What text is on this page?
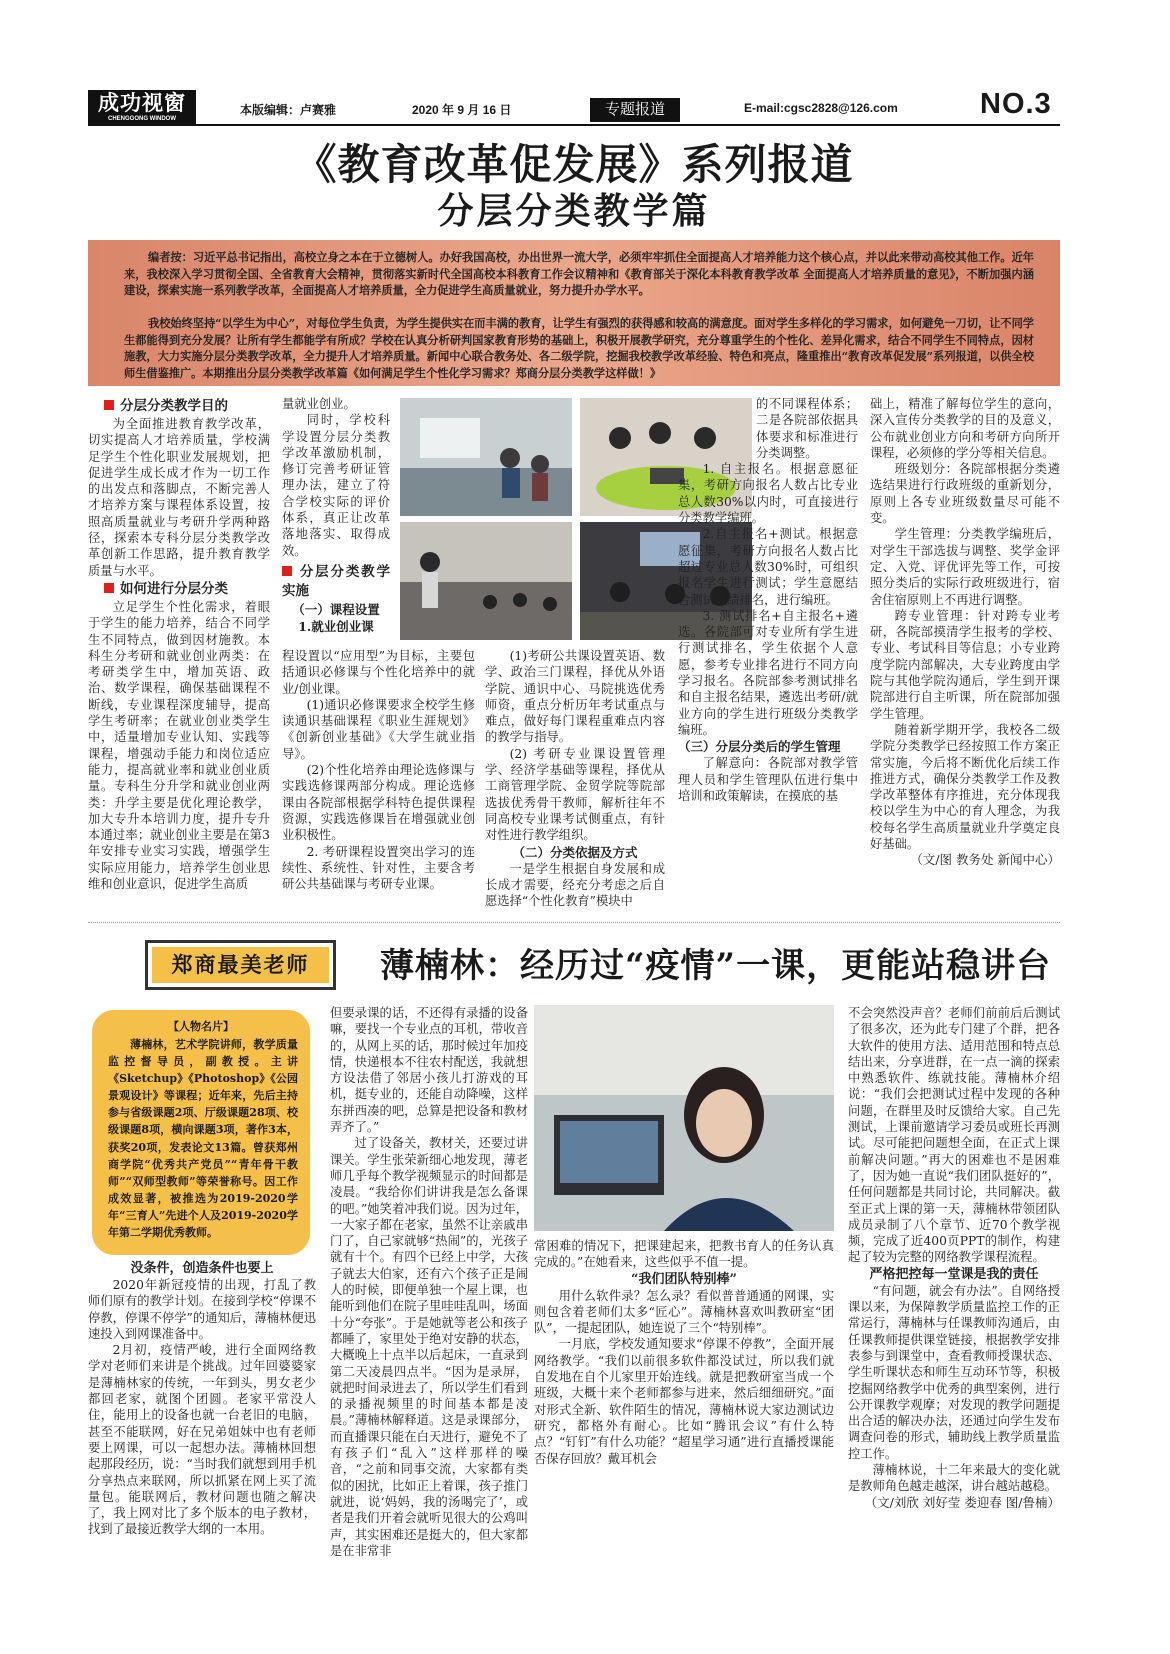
成功视窗
CHENGGONG WINDOW
本版编辑：卢赛雅	2020 年 9 月 16 日	专题报道	E-mail:cgsc2828@126.com	NO.3
《教育改革促发展》系列报道
分层分类教学篇

编者按：习近平总书记指出，高校立身之本在于立德树人。办好我国高校，办出世界一流大学，必须牢牢抓住全面提高人才培养能力这个核心点，并以此来带动高校其他工作。近年来，我校深入学习贯彻全国、全省教育大会精神，贯彻落实新时代全国高校本科教育工作会议精神和《教育部关于深化本科教育教学改革 全面提高人才培养质量的意见》，不断加强内涵建设，探索实施一系列教学改革，全面提高人才培养质量，全力促进学生高质量就业，努力提升办学水平。

我校始终坚持“以学生为中心”，对每位学生负责，为学生提供实在而丰满的教育，让学生有强烈的获得感和较高的满意度。面对学生多样化的学习需求，如何避免一刀切，让不同学生都能得到充分发展？让所有学生都能学有所成？学校在认真分析研判国家教育形势的基础上，积极开展教学研究，充分尊重学生的个性化、差异化需求，结合不同学生不同特点，因材施教，大力实施分层分类教学改革，全力提升人才培养质量。新闻中心联合教务处、各二级学院，挖掘我校教学改革经验、特色和亮点，隆重推出“教育改革促发展”系列报道，以供全校师生借鉴推广。本期推出分层分类教学改革篇《如何满足学生个性化学习需求？郑商分层分类教学这样做！》

分层分类教学目的

为全面推进教育教学改革，切实提高人才培养质量，学校满足学生个性化职业发展规划，把促进学生成长成才作为一切工作的出发点和落脚点，不断完善人才培养方案与课程体系设置，按照高质量就业与考研升学两种路径，探索本专科分层分类教学改革创新工作思路，提升教育教学质量与水平。

如何进行分层分类

立足学生个性化需求，着眼于学生的能力培养，结合不同学生不同特点，做到因材施教。本科生分考研和就业创业两类：在考研类学生中，增加英语、政治、数学课程，确保基础课程不断线，专业课程深度辅导，提高学生考研率；在就业创业类学生中，适量增加专业认知、实践等课程，增强动手能力和岗位适应能力，提高就业率和就业创业质量。专科生分升学和就业创业两类：升学主要是优化理论教学，加大专升本培训力度，提升专升本通过率；就业创业主要是在第3年安排专业实习实践，增强学生实际应用能力，培养学生创业思维和创业意识，促进学生高质

量就业创业。

同时，学校科学设置分层分类教学改革激励机制，修订完善考研证管理办法，建立了符合学校实际的评价体系，真正让改革落地落实、取得成效。

分层分类教学实施
（一）课程设置
1.就业创业课

程设置以“应用型”为目标，主要包括通识必修课与个性化培养中的就业/创业课。

(1)通识必修课要求全校学生修读通识基础课程《职业生涯规划》《创新创业基础》《大学生就业指导》。

(2)个性化培养由理论选修课与实践选修课两部分构成。理论选修课由各院部根据学科特色提供课程资源，实践选修课旨在增强就业创业积极性。

2. 考研课程设置突出学习的连续性、系统性、针对性，主要含考研公共基础课与考研专业课。

(1)考研公共课设置英语、数学、政治三门课程，择优从外语学院、通识中心、马院挑选优秀师资，重点分析历年考试重点与难点，做好每门课程重难点内容的教学与指导。

(2) 考研专业课设置管理学、经济学基础等课程，择优从工商管理学院、金贸学院等院部选拔优秀骨干教师，解析往年不同高校专业课考试侧重点，有针对性进行教学组织。

（二）分类依据及方式

一是学生根据自身发展和成长成才需要，经充分考虑之后自愿选择“个性化教育”模块中

的不同课程体系；二是各院部依据具体要求和标准进行分类调整。

1. 自主报名。根据意愿征集，考研方向报名人数占比专业总人数30%以内时，可直接进行分类教学编班。

2.自主报名+测试。根据意愿征集，考研方向报名人数占比超过专业总人数30%时，可组织报名学生进行测试；学生意愿结合测试成绩排名，进行编班。

3. 测试排名+自主报名+遴选。各院部可对专业所有学生进行测试排名，学生依据个人意愿，参考专业排名进行不同方向学习报名。各院部参考测试排名和自主报名结果，遴选出考研/就业方向的学生进行班级分类教学编班。

（三）分层分类后的学生管理

了解意向：各院部对教学管理人员和学生管理队伍进行集中培训和政策解读，在摸底的基

础上，精准了解每位学生的意向，深入宣传分类教学的目的及意义，公布就业创业方向和考研方向所开课程，必须修的学分等相关信息。

班级划分：各院部根据分类遴选结果进行行政班级的重新划分，原则上各专业班级数量尽可能不变。

学生管理：分类教学编班后，对学生干部选拔与调整、奖学金评定、入党、评优评先等工作，可按照分类后的实际行政班级进行，宿舍住宿原则上不再进行调整。

跨专业管理：针对跨专业考研，各院部摸清学生报考的学校、专业、考试科目等信息；小专业跨度学院内部解决，大专业跨度由学院与其他学院沟通后，学生到开课院部进行自主听课，所在院部加强学生管理。

随着新学期开学，我校各二级学院分类教学已经按照工作方案正常实施，今后将不断优化后续工作推进方式，确保分类教学工作及教学改革整体有序推进，充分体现我校以学生为中心的育人理念，为我校每名学生高质量就业升学奠定良好基础。

（文/图 教务处 新闻中心）
郑商最美老师	薄楠林：经历过“疫情”一课，更能站稳讲台
【人物名片】

薄楠林，艺术学院讲师，教学质量监控督导员，副教授。主讲《Sketchup》《Photoshop》《公园景观设计》等课程；近年来，先后主持参与省级课题2项、厅级课题28项、校级课题8项，横向课题3项，著作3本，获奖20项，发表论文13篇。曾获郑州商学院“优秀共产党员”“青年骨干教师”“双师型教师”等荣誉称号。因工作成效显著，被推选为2019-2020学年“三育人”先进个人及2019-2020学年第二学期优秀教师。

没条件，创造条件也要上

2020年新冠疫情的出现，打乱了教师们原有的教学计划。在接到学校“停课不停教，停课不停学”的通知后，薄楠林便迅速投入到网课准备中。

2月初，疫情严峻，进行全面网络教学对老师们来讲是个挑战。过年回婆婆家是薄楠林家的传统，一年到头，男女老少都回老家，就图个团圆。老家平常没人住，能用上的设备也就一台老旧的电脑，甚至不能联网，好在兄弟姐妹中也有老师要上网课，可以一起想办法。薄楠林回想起那段经历，说：“当时我们就想到用手机分享热点来联网，所以抓紧在网上买了流量包。能联网后，教材问题也随之解决了，我上网对比了多个版本的电子教材，找到了最接近教学大纲的一本用。

但要录课的话，不还得有录播的设备嘛，要找一个专业点的耳机，带收音的，从网上买的话，那时候过年加疫情，快递根本不往农村配送，我就想方设法借了邻居小孩儿打游戏的耳机，挺专业的，还能自动降噪，这样东拼西凑的吧，总算是把设备和教材弄齐了。”

过了设备关，教材关，还要过讲课关。学生张荣新细心地发现，薄老师几乎每个教学视频显示的时间都是凌晨。“我给你们讲讲我是怎么备课的吧。”她笑着冲我们说。因为过年，一大家子都在老家，虽然不让亲戚串门了，自己家就够“热闹”的，光孩子就有十个。有四个已经上中学，大孩子就去大伯家，还有六个孩子正是闹人的时候，即便单独一个屋上课，也能听到他们在院子里哇哇乱叫，场面十分“夸张”。于是她就等老公和孩子都睡了，家里处于绝对安静的状态，大概晚上十点半以后起床，一直录到第二天凌晨四点半。“因为是录屏，就把时间录进去了，所以学生们看到的录播视频里的时间基本都是凌晨。”薄楠林解释道。这是录课部分，而直播课只能在白天进行，避免不了有孩子们“乱入”这样那样的噪音，“之前和同事交流，大家都有类似的困扰，比如正上着课，孩子推门就进，说‘妈妈，我的汤喝完了’，或者是我们开着会就听见很大的公鸡叫声，其实困难还是挺大的，但大家都是在非常非

常困难的情况下，把课建起来，把教书育人的任务认真完成的。”在她看来，这些似乎不值一提。

“我们团队特别棒”

用什么软件录？怎么录？看似普普通通的网课，实则包含着老师们太多“匠心”。薄楠林喜欢叫教研室“团队”，一提起团队，她连说了三个“特别棒”。

一月底，学校发通知要求“停课不停教”，全面开展网络教学。“我们以前很多软件都没试过，所以我们就自发地在自个儿家里开始连线。就是把教研室当成一个班级，大概十来个老师都参与进来，然后细细研究。”面对形式全新、软件陌生的情况，薄楠林说大家边测试边研究，都格外有耐心。比如“腾讯会议”有什么特点？“钉钉”有什么功能？“超星学习通”进行直播授课能否保存回放？戴耳机会

不会突然没声音？老师们前前后后测试了很多次，还为此专门建了个群，把各大软件的使用方法、适用范围和特点总结出来，分享进群，在一点一滴的探索中熟悉软件、练就技能。薄楠林介绍说：“我们会把测试过程中发现的各种问题，在群里及时反馈给大家。自己先测试，上课前邀请学习委员或班长再测试。尽可能把问题想全面，在正式上课前解决问题。”再大的困难也不是困难了，因为她一直说“我们团队挺好的”，任何问题都是共同讨论，共同解决。截至正式上课的第一天，薄楠林带领团队成员录制了八个章节、近70个教学视频，完成了近400页PPT的制作，构建起了较为完整的网络教学课程流程。

严格把控每一堂课是我的责任

“有问题，就会有办法”。自网络授课以来，为保障教学质量监控工作的正常运行，薄楠林与任课教师沟通后，由任课教师提供课堂链接，根据教学安排表参与到课堂中，查看教师授课状态、学生听课状态和师生互动环节等，积极挖掘网络教学中优秀的典型案例，进行公开课教学观摩；对发现的教学问题提出合适的解决办法，还通过向学生发布调查问卷的形式，辅助线上教学质量监控工作。

薄楠林说，十二年来最大的变化就是教师角色越走越深，讲台越站越稳。

（文/刘欣 刘好莹 娄迎春 图/鲁楠）
